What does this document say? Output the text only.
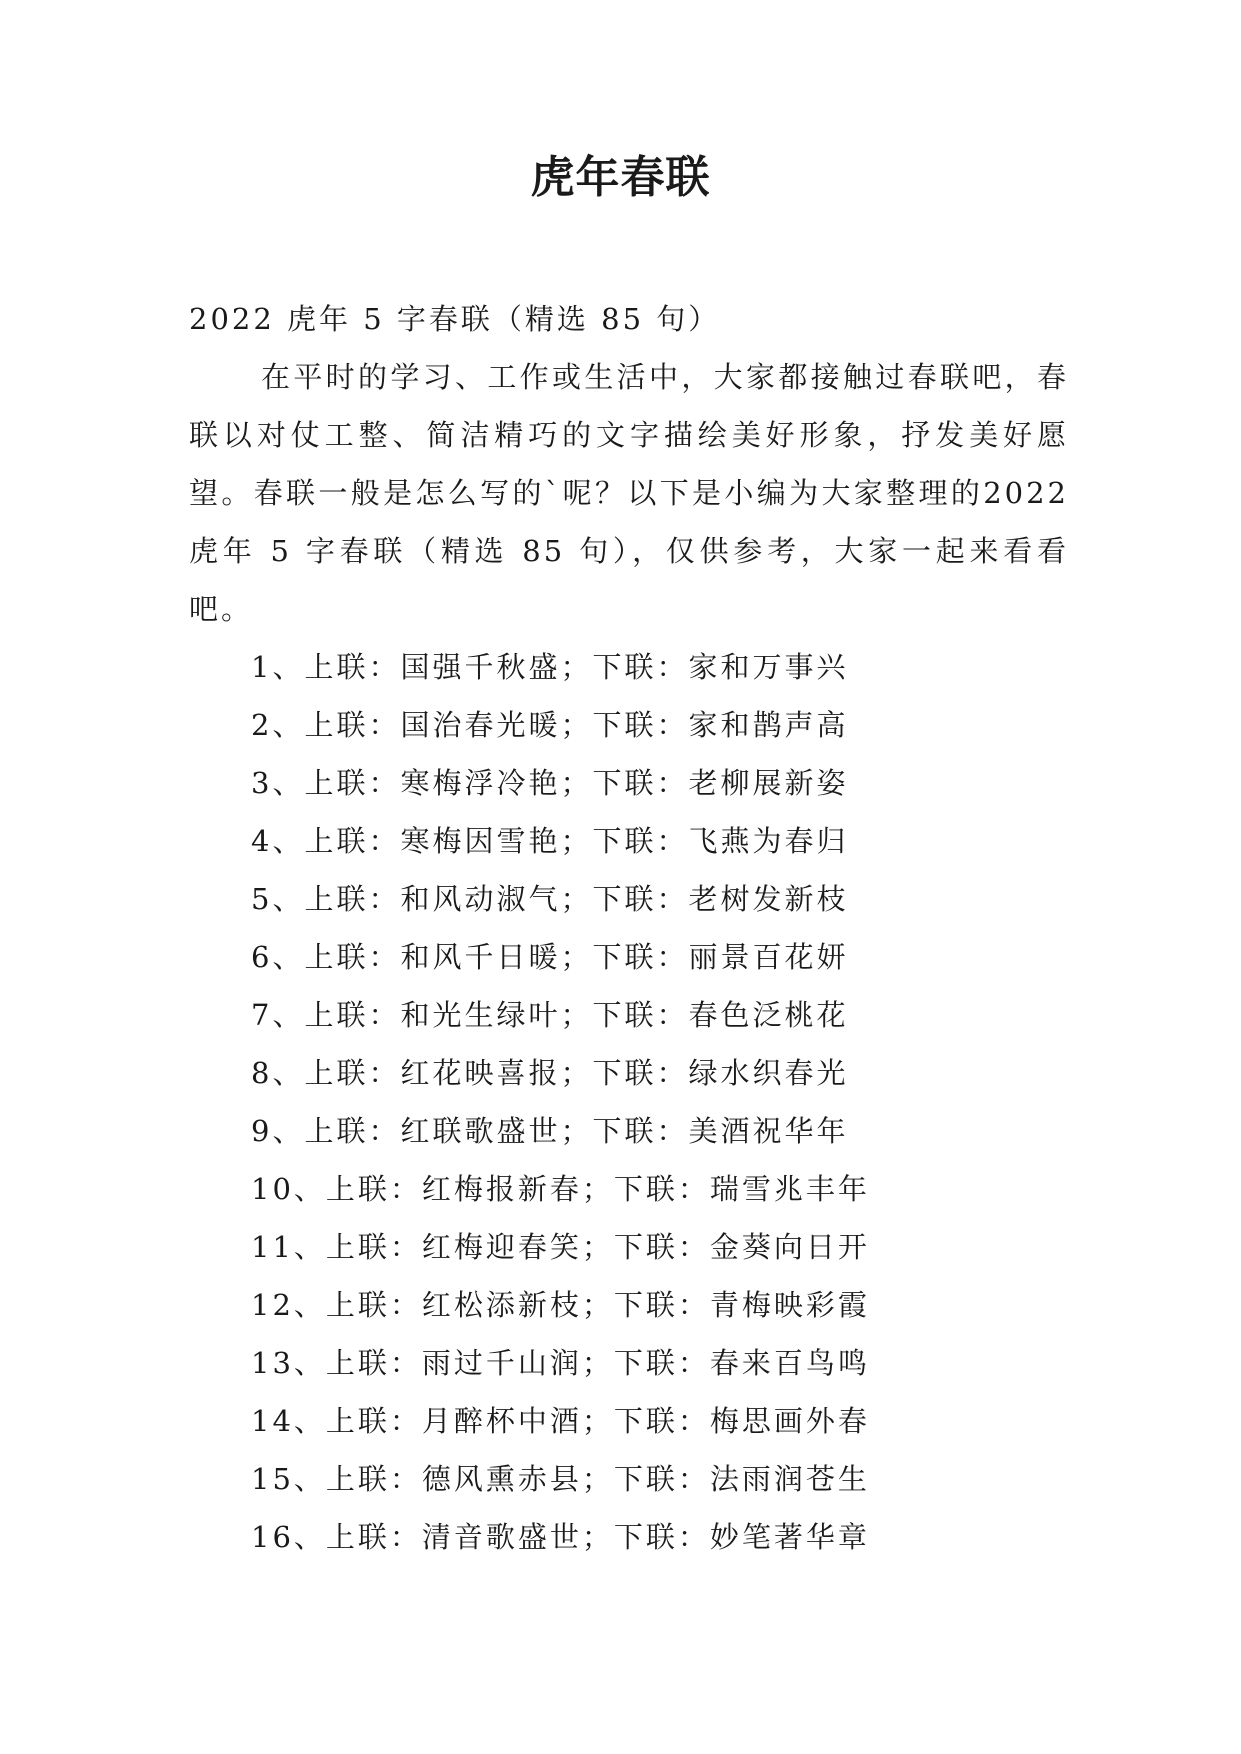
虎年春联

2022 虎年 5 字春联（精选 85 句）

在平时的学习、工作或生活中，大家都接触过春联吧，春联以对仗工整、简洁精巧的文字描绘美好形象，抒发美好愿望。春联一般是怎么写的`呢？以下是小编为大家整理的2022 虎年 5 字春联（精选 85 句），仅供参考，大家一起来看看吧。

1、上联：国强千秋盛；下联：家和万事兴
2、上联：国治春光暖；下联：家和鹊声高
3、上联：寒梅浮冷艳；下联：老柳展新姿
4、上联：寒梅因雪艳；下联：飞燕为春归
5、上联：和风动淑气；下联：老树发新枝
6、上联：和风千日暖；下联：丽景百花妍
7、上联：和光生绿叶；下联：春色泛桃花
8、上联：红花映喜报；下联：绿水织春光
9、上联：红联歌盛世；下联：美酒祝华年
10、上联：红梅报新春；下联：瑞雪兆丰年
11、上联：红梅迎春笑；下联：金葵向日开
12、上联：红松添新枝；下联：青梅映彩霞
13、上联：雨过千山润；下联：春来百鸟鸣
14、上联：月醉杯中酒；下联：梅思画外春
15、上联：德风熏赤县；下联：法雨润苍生
16、上联：清音歌盛世；下联：妙笔著华章
